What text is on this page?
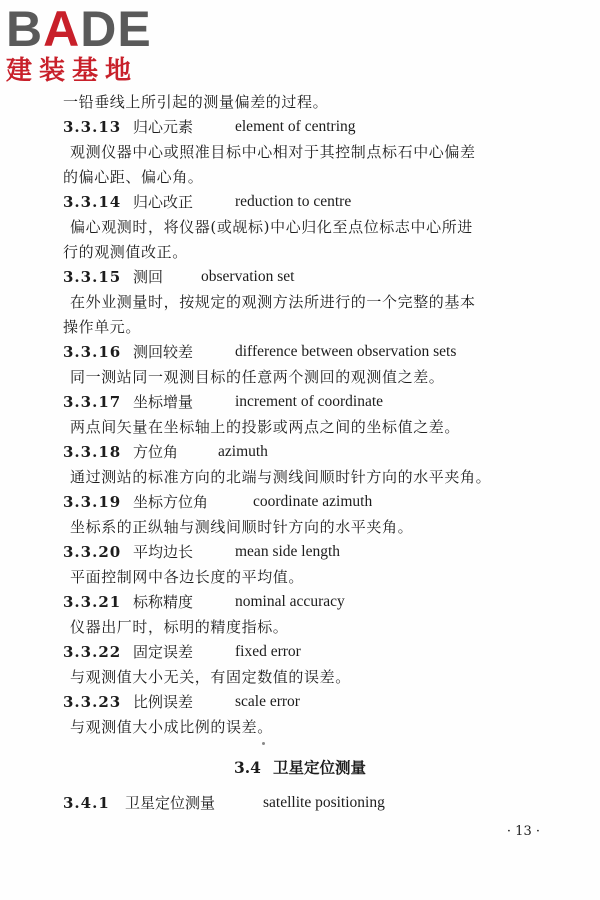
BADE
建装基地
一铅垂线上所引起的测量偏差的过程。
3.3.13 归心元素	element of centring
观测仪器中心或照准目标中心相对于其控制点标石中心偏差
的偏心距、偏心角。
3.3.14 归心改正	reduction to centre
偏心观测时，将仪器(或觇标)中心归化至点位标志中心所进
行的观测值改正。
3.3.15 测回 observation set
在外业测量时，按规定的观测方法所进行的一个完整的基本
操作单元。
3.3.16 测回较差	difference between observation sets
同一测站同一观测目标的任意两个测回的观测值之差。
3.3.17 坐标增量	increment of coordinate
两点间矢量在坐标轴上的投影或两点之间的坐标值之差。
3.3.18 方位角	azimuth
通过测站的标准方向的北端与测线间顺时针方向的水平夹角。
3.3.19 坐标方位角	coordinate azimuth
坐标系的正纵轴与测线间顺时针方向的水平夹角。
3.3.20 平均边长	mean side length
平面控制网中各边长度的平均值。
3.3.21 标称精度	nominal accuracy
仪器出厂时，标明的精度指标。
3.3.22 固定误差	fixed error
与观测值大小无关，有固定数值的误差。
3.3.23 比例误差	scale error
与观测值大小成比例的误差。
3.4 卫星定位测量
3.4.1 卫星定位测量	satellite positioning
· 13 ·
